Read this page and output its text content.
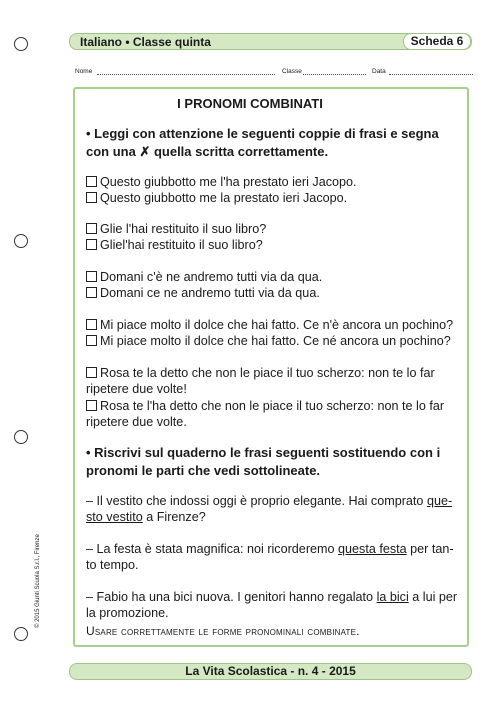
Italiano • Classe quinta	Scheda 6
Nome	Classe	Data
I PRONOMI COMBINATI
• Leggi con attenzione le seguenti coppie di frasi e segna
con una ✗ quella scritta correttamente.
Questo giubbotto me l'ha prestato ieri Jacopo.
Questo giubbotto me la prestato ieri Jacopo.
Glie l'hai restituito il suo libro?
Gliel'hai restituito il suo libro?
Domani c'è ne andremo tutti via da qua.
Domani ce ne andremo tutti via da qua.
Mi piace molto il dolce che hai fatto. Ce n'è ancora un pochino?
Mi piace molto il dolce che hai fatto. Ce né ancora un pochino?
Rosa te la detto che non le piace il tuo scherzo: non te lo far
ripetere due volte!
Rosa te l'ha detto che non le piace il tuo scherzo: non te lo far
ripetere due volte.
• Riscrivi sul quaderno le frasi seguenti sostituendo con i
pronomi le parti che vedi sottolineate.
– Il vestito che indossi oggi è proprio elegante. Hai comprato que-
sto vestito a Firenze?
– La festa è stata magnifica: noi ricorderemo questa festa per tan-
to tempo.
– Fabio ha una bici nuova. I genitori hanno regalato la bici a lui per
la promozione.
Usare correttamente le forme pronominali combinate.
© 2015 Giunti Scuola S.r.l., Firenze
La Vita Scolastica - n. 4 - 2015
